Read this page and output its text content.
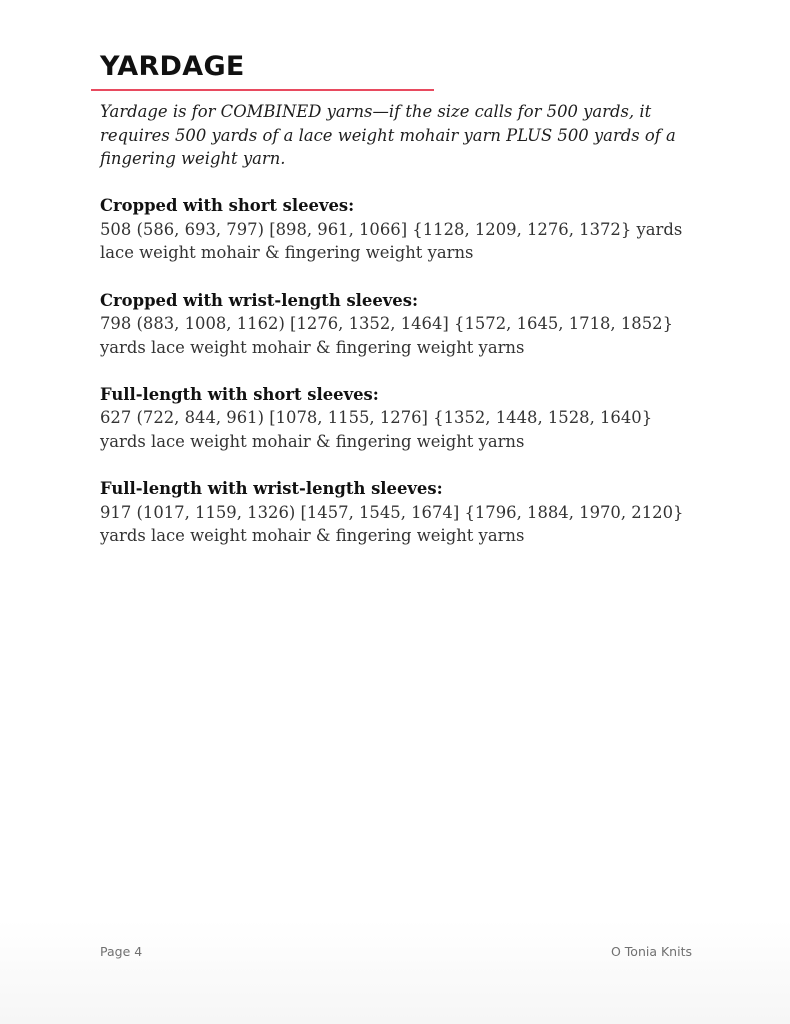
YARDAGE

Yardage is for COMBINED yarns—if the size calls for 500 yards, it requires 500 yards of a lace weight mohair yarn PLUS 500 yards of a fingering weight yarn.

Cropped with short sleeves:

508 (586, 693, 797) [898, 961, 1066] {1128, 1209, 1276, 1372} yards lace weight mohair & fingering weight yarns

Cropped with wrist-length sleeves:

798 (883, 1008, 1162) [1276, 1352, 1464] {1572, 1645, 1718, 1852} yards lace weight mohair & fingering weight yarns

Full-length with short sleeves:

627 (722, 844, 961) [1078, 1155, 1276] {1352, 1448, 1528, 1640} yards lace weight mohair & fingering weight yarns

Full-length with wrist-length sleeves:

917 (1017, 1159, 1326) [1457, 1545, 1674] {1796, 1884, 1970, 2120} yards lace weight mohair & fingering weight yarns

Page 4	O Tonia Knits
